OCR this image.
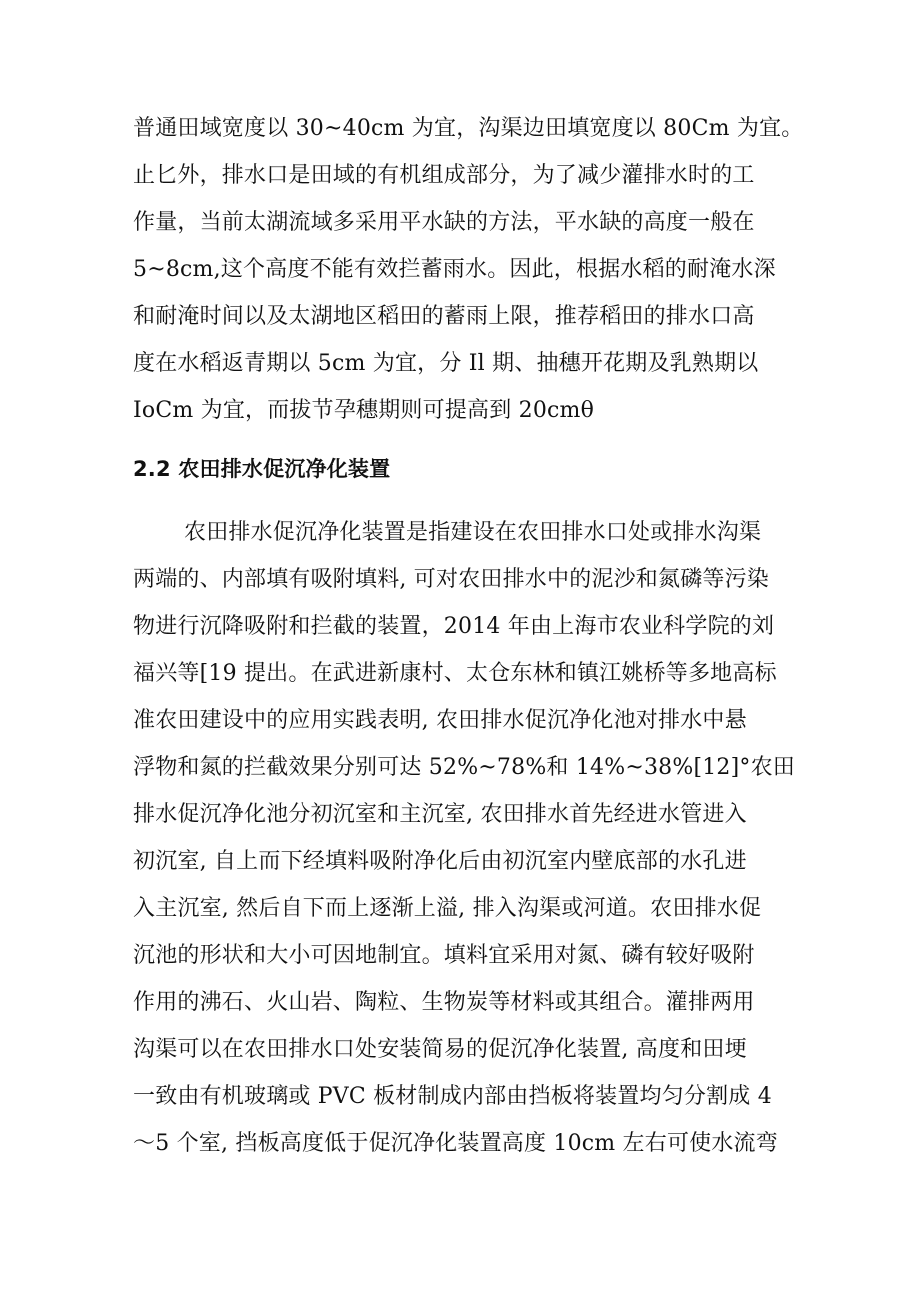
普通田域宽度以 30~40cm 为宜，沟渠边田填宽度以 80Cm 为宜。
止匕外，排水口是田域的有机组成部分，为了减少灌排水时的工
作量，当前太湖流域多采用平水缺的方法，平水缺的高度一般在
5~8cm,这个高度不能有效拦蓄雨水。因此，根据水稻的耐淹水深
和耐淹时间以及太湖地区稻田的蓄雨上限，推荐稻田的排水口高
度在水稻返青期以 5cm 为宜，分 Il 期、抽穗开花期及乳熟期以
IoCm 为宜，而拔节孕穗期则可提高到 20cmθ
2.2 农田排水促沉净化装置
农田排水促沉净化装置是指建设在农田排水口处或排水沟渠
两端的、内部填有吸附填料, 可对农田排水中的泥沙和氮磷等污染
物进行沉降吸附和拦截的装置，2014 年由上海市农业科学院的刘
福兴等[19 提出。在武进新康村、太仓东林和镇江姚桥等多地高标
准农田建设中的应用实践表明, 农田排水促沉净化池对排水中悬
浮物和氮的拦截效果分别可达 52%~78%和 14%~38%[12]°农田
排水促沉净化池分初沉室和主沉室, 农田排水首先经进水管进入
初沉室, 自上而下经填料吸附净化后由初沉室内壁底部的水孔进
入主沉室, 然后自下而上逐渐上溢, 排入沟渠或河道。农田排水促
沉池的形状和大小可因地制宜。填料宜采用对氮、磷有较好吸附
作用的沸石、火山岩、陶粒、生物炭等材料或其组合。灌排两用
沟渠可以在农田排水口处安装简易的促沉净化装置, 高度和田埂
一致由有机玻璃或 PVC 板材制成内部由挡板将装置均匀分割成 4
～5 个室, 挡板高度低于促沉净化装置高度 10cm 左右可使水流弯
